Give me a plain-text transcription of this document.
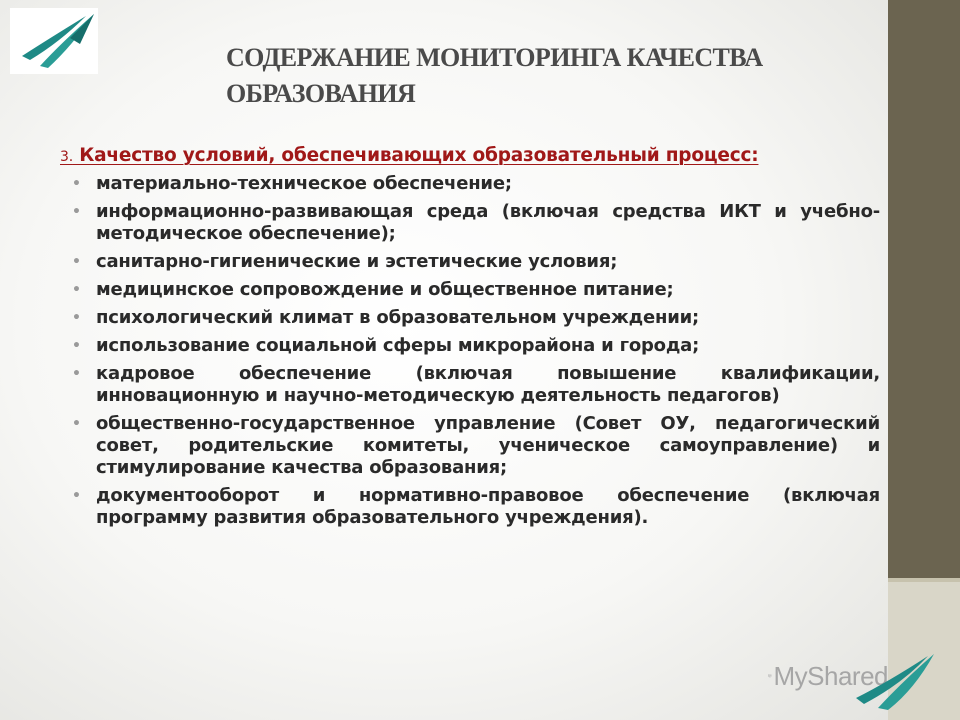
СОДЕРЖАНИЕ МОНИТОРИНГА КАЧЕСТВА
ОБРАЗОВАНИЯ

3. Качество условий, обеспечивающих образовательный процесс:

• материально-техническое обеспечение;
• информационно-развивающая среда (включая средства ИКТ и учебно-методическое обеспечение);
• санитарно-гигиенические и эстетические условия;
• медицинское сопровождение и общественное питание;
• психологический климат в образовательном учреждении;
• использование социальной сферы микрорайона и города;
• кадровое обеспечение (включая повышение квалификации, инновационную и научно-методическую деятельность педагогов)
• общественно-государственное управление (Совет ОУ, педагогический совет, родительские комитеты, ученическое самоуправление) и стимулирование качества образования;
• документооборот и нормативно-правовое обеспечение (включая программу развития образовательного учреждения).
MyShared
